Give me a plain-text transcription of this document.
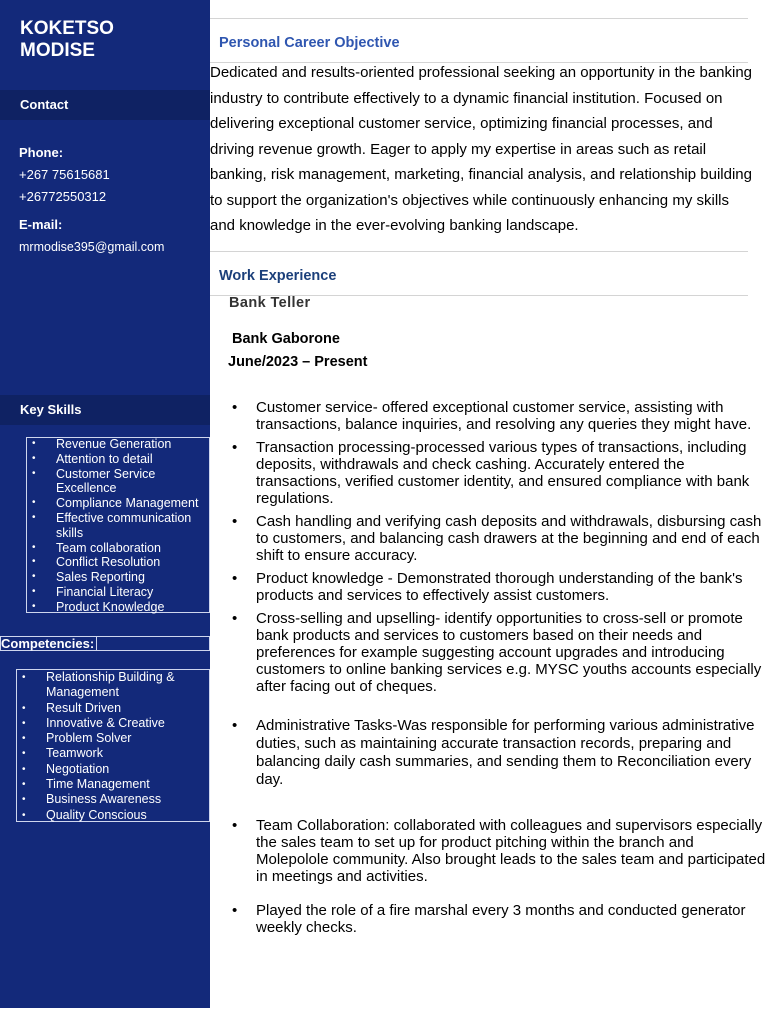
KOKETSO
MODISE
Contact
Phone:
+267 75615681
+26772550312
E-mail:
mrmodise395@gmail.com
Key Skills
• Revenue Generation
• Attention to detail
• Customer Service
Excellence
• Compliance Management
• Effective communication
skills
• Team collaboration
• Conflict Resolution
• Sales Reporting
• Financial Literacy
• Product Knowledge
Competencies:
• Relationship Building &
Management
• Result Driven
• Innovative & Creative
• Problem Solver
• Teamwork
• Negotiation
• Time Management
• Business Awareness
• Quality Conscious
Personal Career Objective
Dedicated and results-oriented professional seeking an opportunity in the banking industry to contribute effectively to a dynamic financial institution. Focused on delivering exceptional customer service, optimizing financial processes, and driving revenue growth. Eager to apply my expertise in areas such as retail banking, risk management, marketing, financial analysis, and relationship building to support the organization's objectives while continuously enhancing my skills and knowledge in the ever-evolving banking landscape.
Work Experience
Bank Teller
Bank Gaborone
June/2023 – Present
• Customer service- offered exceptional customer service, assisting with transactions, balance inquiries, and resolving any queries they might have.
• Transaction processing-processed various types of transactions, including deposits, withdrawals and check cashing. Accurately entered the transactions, verified customer identity, and ensured compliance with bank regulations.
• Cash handling and verifying cash deposits and withdrawals, disbursing cash to customers, and balancing cash drawers at the beginning and end of each shift to ensure accuracy.
• Product knowledge - Demonstrated thorough understanding of the bank's products and services to effectively assist customers.
• Cross-selling and upselling- identify opportunities to cross-sell or promote bank products and services to customers based on their needs and preferences for example suggesting account upgrades and introducing customers to online banking services e.g. MYSC youths accounts especially after facing out of cheques.
• Administrative Tasks-Was responsible for performing various administrative duties, such as maintaining accurate transaction records, preparing and balancing daily cash summaries, and sending them to Reconciliation every day.
• Team Collaboration: collaborated with colleagues and supervisors especially the sales team to set up for product pitching within the branch and Molepolole community. Also brought leads to the sales team and participated in meetings and activities.
• Played the role of a fire marshal every 3 months and conducted generator weekly checks.
